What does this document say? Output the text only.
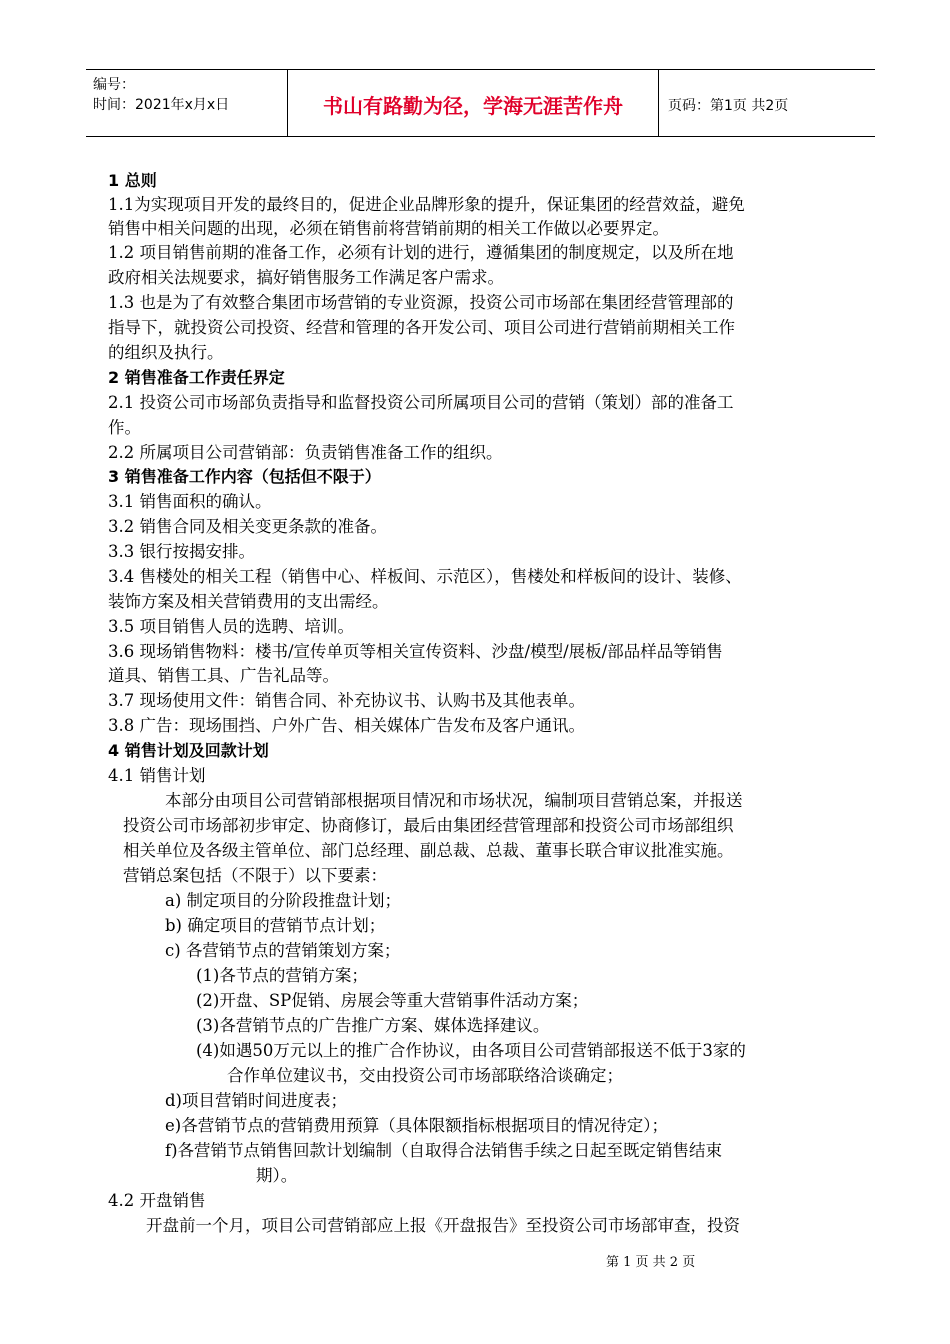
编号：
时间：2021年x月x日	书山有路勤为径，学海无涯苦作舟	页码：第1页 共2页
1 总则
1.1为实现项目开发的最终目的，促进企业品牌形象的提升，保证集团的经营效益，避免
销售中相关问题的出现，必须在销售前将营销前期的相关工作做以必要界定。
1.2 项目销售前期的准备工作，必须有计划的进行，遵循集团的制度规定，以及所在地
政府相关法规要求，搞好销售服务工作满足客户需求。
1.3 也是为了有效整合集团市场营销的专业资源，投资公司市场部在集团经营管理部的
指导下，就投资公司投资、经营和管理的各开发公司、项目公司进行营销前期相关工作
的组织及执行。
2 销售准备工作责任界定
2.1 投资公司市场部负责指导和监督投资公司所属项目公司的营销（策划）部的准备工
作。
2.2 所属项目公司营销部：负责销售准备工作的组织。
3 销售准备工作内容（包括但不限于）
3.1 销售面积的确认。
3.2 销售合同及相关变更条款的准备。
3.3 银行按揭安排。
3.4 售楼处的相关工程（销售中心、样板间、示范区），售楼处和样板间的设计、装修、
装饰方案及相关营销费用的支出需经。
3.5 项目销售人员的选聘、培训。
3.6 现场销售物料：楼书/宣传单页等相关宣传资料、沙盘/模型/展板/部品样品等销售
道具、销售工具、广告礼品等。
3.7 现场使用文件：销售合同、补充协议书、认购书及其他表单。
3.8 广告：现场围挡、户外广告、相关媒体广告发布及客户通讯。
4 销售计划及回款计划
4.1 销售计划
本部分由项目公司营销部根据项目情况和市场状况，编制项目营销总案，并报送
投资公司市场部初步审定、协商修订，最后由集团经营管理部和投资公司市场部组织
相关单位及各级主管单位、部门总经理、副总裁、总裁、董事长联合审议批准实施。
营销总案包括（不限于）以下要素：
a) 制定项目的分阶段推盘计划；
b) 确定项目的营销节点计划；
c) 各营销节点的营销策划方案；
(1)各节点的营销方案；
(2)开盘、SP促销、房展会等重大营销事件活动方案；
(3)各营销节点的广告推广方案、媒体选择建议。
(4)如遇50万元以上的推广合作协议，由各项目公司营销部报送不低于3家的
合作单位建议书，交由投资公司市场部联络洽谈确定；
d)项目营销时间进度表；
e)各营销节点的营销费用预算（具体限额指标根据项目的情况待定）；
f)各营销节点销售回款计划编制（自取得合法销售手续之日起至既定销售结束
期）。
4.2 开盘销售
开盘前一个月，项目公司营销部应上报《开盘报告》至投资公司市场部审查，投资
第 1 页 共 2 页
